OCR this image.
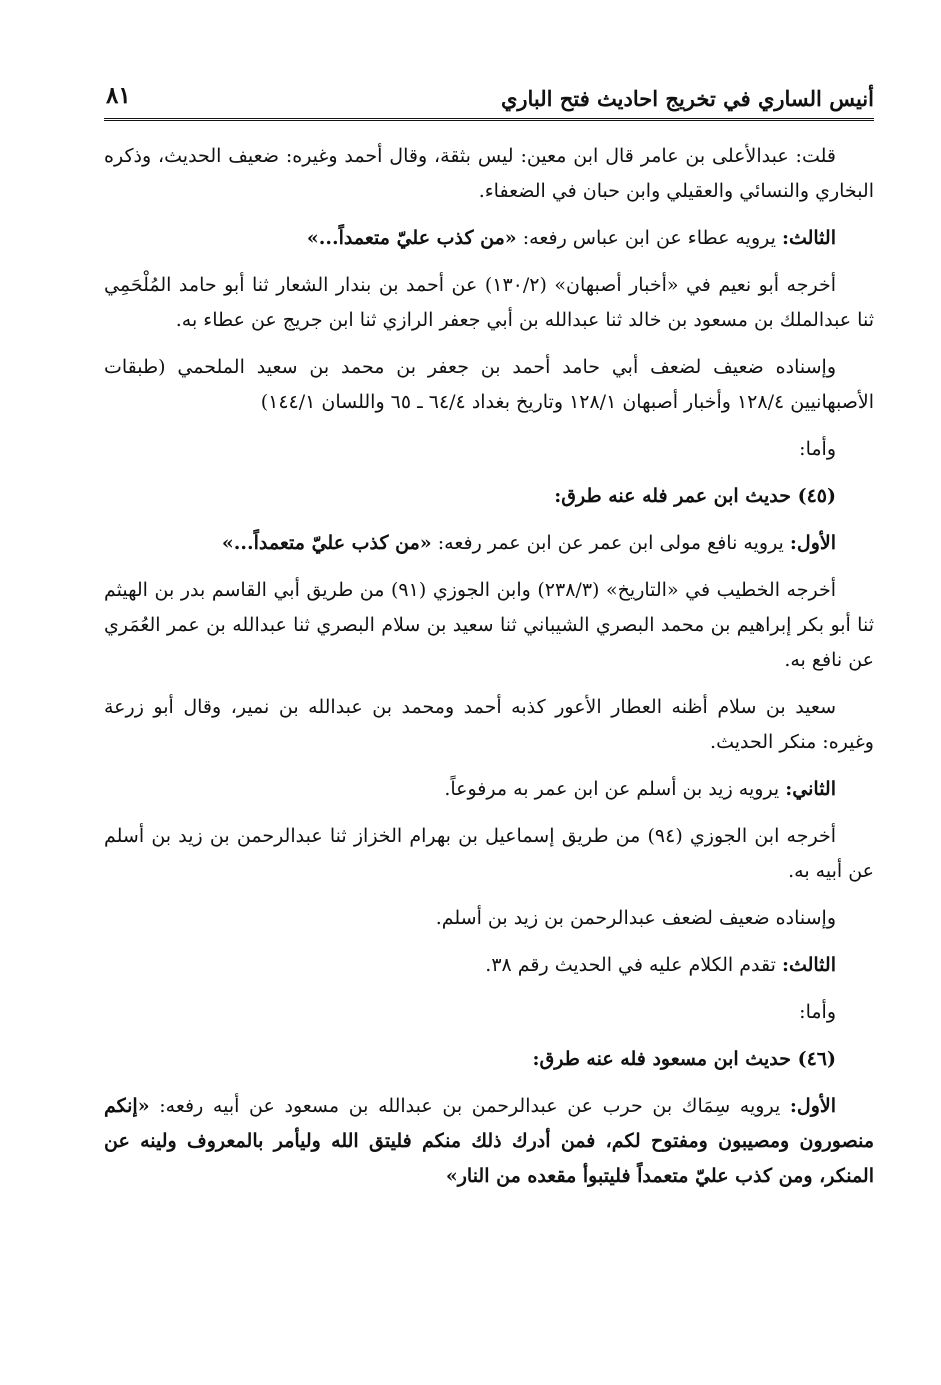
أنيس الساري في تخريج احاديث فتح الباري
٨١

قلت: عبدالأعلى بن عامر قال ابن معين: ليس بثقة، وقال أحمد وغيره: ضعيف الحديث، وذكره البخاري والنسائي والعقيلي وابن حبان في الضعفاء.

الثالث: يرويه عطاء عن ابن عباس رفعه: «من كذب عليّ متعمداً...»

أخرجه أبو نعيم في «أخبار أصبهان» (١٣٠/٢) عن أحمد بن بندار الشعار ثنا أبو حامد المُلْحَمِي ثنا عبدالملك بن مسعود بن خالد ثنا عبدالله بن أبي جعفر الرازي ثنا ابن جريج عن عطاء به.

وإسناده ضعيف لضعف أبي حامد أحمد بن جعفر بن محمد بن سعيد الملحمي (طبقات الأصبهانيين ١٢٨/٤ وأخبار أصبهان ١٢٨/١ وتاريخ بغداد ٦٤/٤ ـ ٦٥ واللسان ١٤٤/١)

وأما:

(٤٥) حديث ابن عمر فله عنه طرق:

الأول: يرويه نافع مولى ابن عمر عن ابن عمر رفعه: «من كذب عليّ متعمداً...»

أخرجه الخطيب في «التاريخ» (٢٣٨/٣) وابن الجوزي (٩١) من طريق أبي القاسم بدر بن الهيثم ثنا أبو بكر إبراهيم بن محمد البصري الشيباني ثنا سعيد بن سلام البصري ثنا عبدالله بن عمر العُمَري عن نافع به.

سعيد بن سلام أظنه العطار الأعور كذبه أحمد ومحمد بن عبدالله بن نمير، وقال أبو زرعة وغيره: منكر الحديث.

الثاني: يرويه زيد بن أسلم عن ابن عمر به مرفوعاً.

أخرجه ابن الجوزي (٩٤) من طريق إسماعيل بن بهرام الخزاز ثنا عبدالرحمن بن زيد بن أسلم عن أبيه به.

وإسناده ضعيف لضعف عبدالرحمن بن زيد بن أسلم.

الثالث: تقدم الكلام عليه في الحديث رقم ٣٨.

وأما:

(٤٦) حديث ابن مسعود فله عنه طرق:

الأول: يرويه سِمَاك بن حرب عن عبدالرحمن بن عبدالله بن مسعود عن أبيه رفعه: «إنكم منصورون ومصيبون ومفتوح لكم، فمن أدرك ذلك منكم فليتق الله وليأمر بالمعروف ولينه عن المنكر، ومن كذب عليّ متعمداً فليتبوأ مقعده من النار»
